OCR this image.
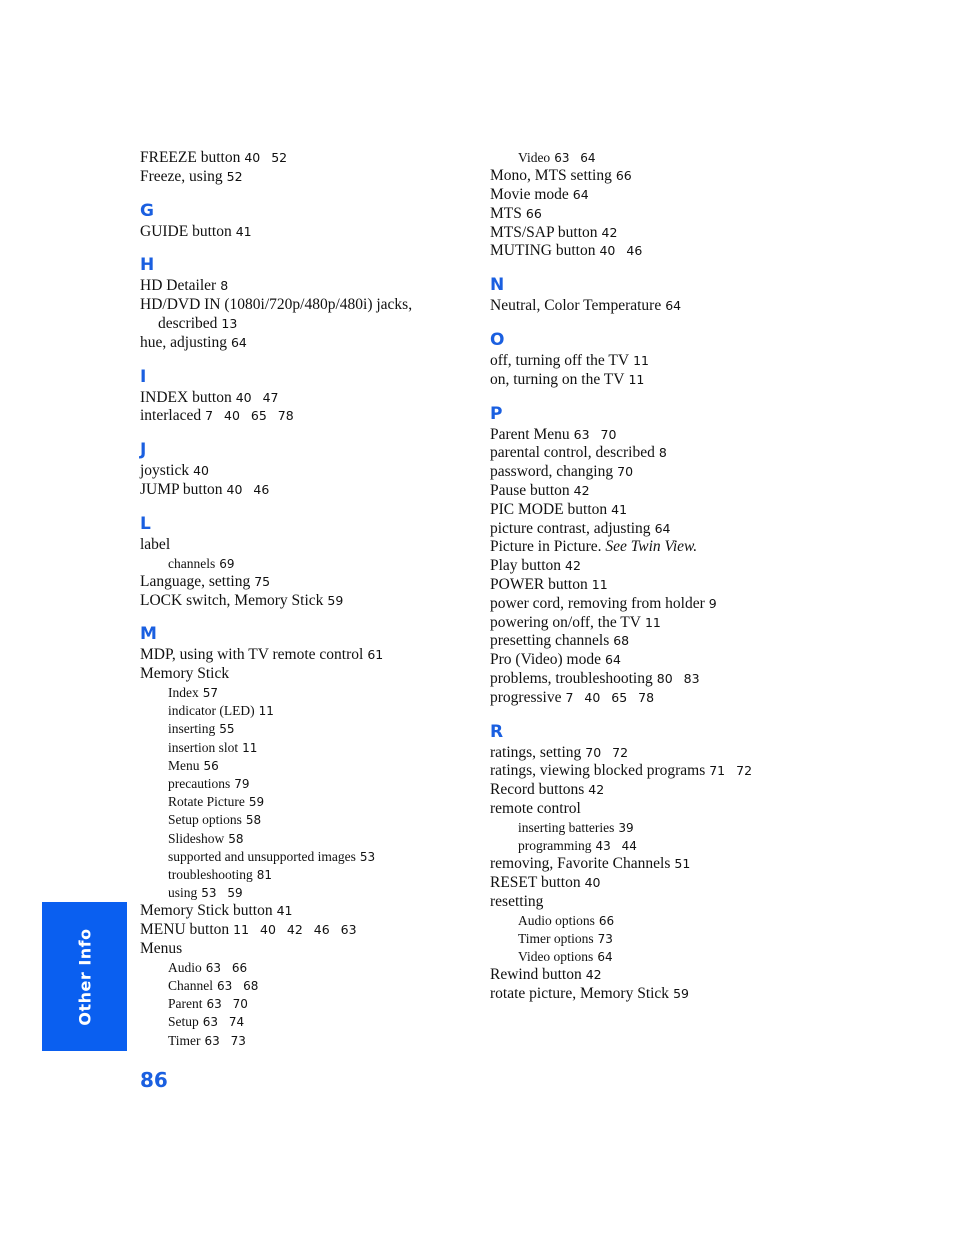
FREEZE button 40 52
Freeze, using 52
G
GUIDE button 41
H
HD Detailer 8
HD/DVD IN (1080i/720p/480p/480i) jacks,
described 13
hue, adjusting 64
I
INDEX button 40 47
interlaced 7 40 65 78
J
joystick 40
JUMP button 40 46
L
label
channels 69
Language, setting 75
LOCK switch, Memory Stick 59
M
MDP, using with TV remote control 61
Memory Stick
Index 57
indicator (LED) 11
inserting 55
insertion slot 11
Menu 56
precautions 79
Rotate Picture 59
Setup options 58
Slideshow 58
supported and unsupported images 53
troubleshooting 81
using 53 59
Memory Stick button 41
MENU button 11 40 42 46 63
Menus
Audio 63 66
Channel 63 68
Parent 63 70
Setup 63 74
Timer 63 73
Video 63 64
Mono, MTS setting 66
Movie mode 64
MTS 66
MTS/SAP button 42
MUTING button 40 46
N
Neutral, Color Temperature 64
O
off, turning off the TV 11
on, turning on the TV 11
P
Parent Menu 63 70
parental control, described 8
password, changing 70
Pause button 42
PIC MODE button 41
picture contrast, adjusting 64
Picture in Picture. See Twin View.
Play button 42
POWER button 11
power cord, removing from holder 9
powering on/off, the TV 11
presetting channels 68
Pro (Video) mode 64
problems, troubleshooting 80 83
progressive 7 40 65 78
R
ratings, setting 70 72
ratings, viewing blocked programs 71 72
Record buttons 42
remote control
inserting batteries 39
programming 43 44
removing, Favorite Channels 51
RESET button 40
resetting
Audio options 66
Timer options 73
Video options 64
Rewind button 42
rotate picture, Memory Stick 59
Other Info
86
